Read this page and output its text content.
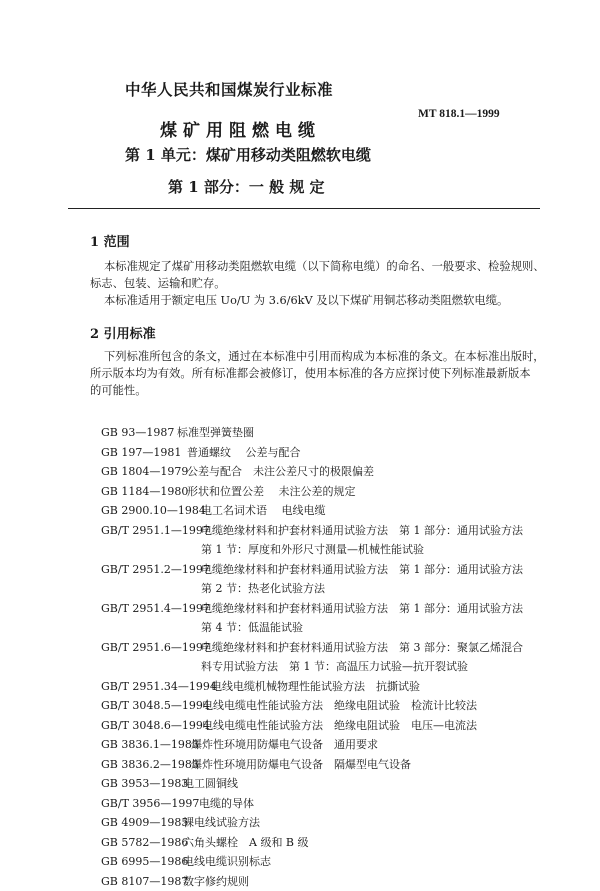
中华人民共和国煤炭行业标准
煤矿用阻燃电缆
MT 818.1—1999
第 1 单元：煤矿用移动类阻燃软电缆
第 1 部分：一 般 规 定
1 范围
本标准规定了煤矿用移动类阻燃软电缆（以下简称电缆）的命名、一般要求、检验规则、
标志、包装、运输和贮存。
本标准适用于额定电压 Uo/U 为 3.6/6kV 及以下煤矿用铜芯移动类阻燃软电缆。
2 引用标准
下列标准所包含的条文，通过在本标准中引用而构成为本标准的条文。在本标准出版时，
所示版本均为有效。所有标准都会被修订，使用本标准的各方应探讨使下列标准最新版本
的可能性。
GB 93—1987 标准型弹簧垫圈
GB 197—1981 普通螺纹　 公差与配合
GB 1804—1979
公差与配合　未注公差尺寸的极限偏差
GB 1184—1980
形状和位置公差　 未注公差的规定
GB 2900.10—1984
电工名词术语　 电线电缆
GB/T 2951.1—1997
电缆绝缘材料和护套材料通用试验方法　第 1 部分：通用试验方法
第 1 节：厚度和外形尺寸测量—机械性能试验
GB/T 2951.2—1997
电缆绝缘材料和护套材料通用试验方法　第 1 部分：通用试验方法
第 2 节：热老化试验方法
GB/T 2951.4—1997
电缆绝缘材料和护套材料通用试验方法　第 1 部分：通用试验方法
第 4 节：低温能试验
GB/T 2951.6—1997
电缆绝缘材料和护套材料通用试验方法　第 3 部分：聚氯乙烯混合
料专用试验方法　第 1 节：高温压力试验—抗开裂试验
GB/T 2951.34—1994
电线电缆机械物理性能试验方法　抗撕试验
GB/T 3048.5—1994
电线电缆电性能试验方法　绝缘电阻试验　检流计比较法
GB/T 3048.6—1994
电线电缆电性能试验方法　绝缘电阻试验　电压—电流法
GB 3836.1—1983
爆炸性环境用防爆电气设备　通用要求
GB 3836.2—1983
爆炸性环境用防爆电气设备　隔爆型电气设备
GB 3953—1983
电工圆铜线
GB/T 3956—1997 电缆的导体
GB 4909—1985
裸电线试验方法
GB 5782—1986
六角头螺栓　A 级和 B 级
GB 6995—1986
电线电缆识别标志
GB 8107—1987
数字修约规则
